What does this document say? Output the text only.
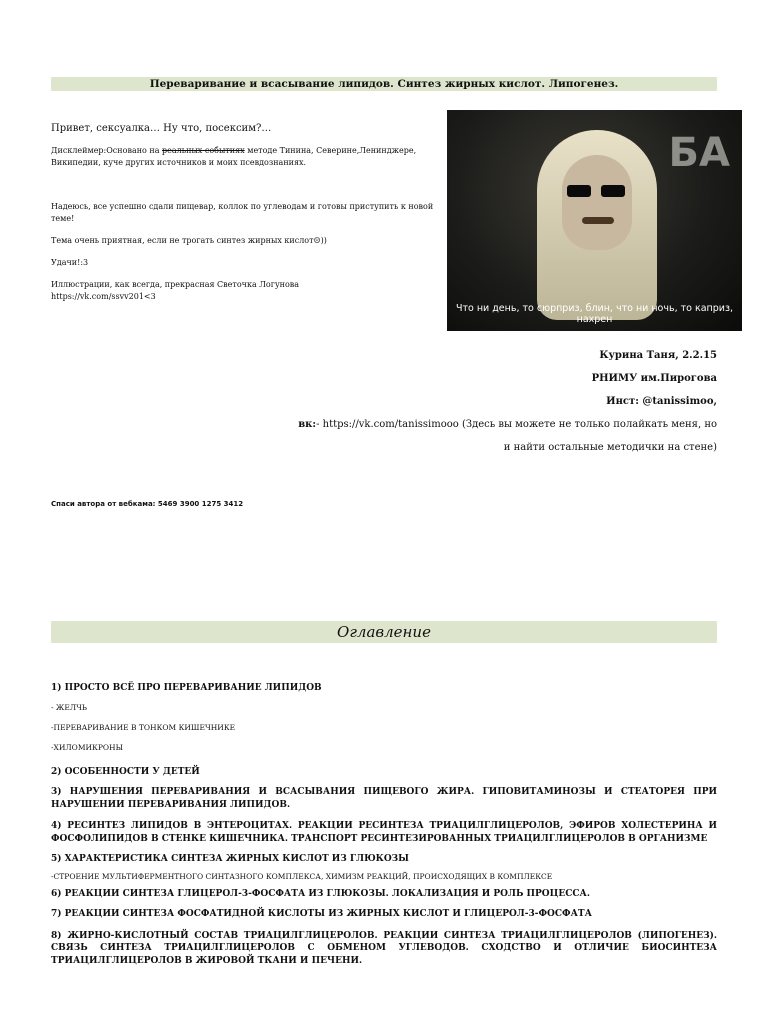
Переваривание и всасывание липидов. Синтез жирных кислот. Липогенез.

Привет, сексуалка… Ну что, посексим?…

Дисклеймер:Основано на реальных событиях методе Тинина, Северине,Ленинджере, Википедии, куче других источников и моих псевдознаниях.

Надеюсь, все успешно сдали пищевар, коллок по углеводам и готовы приступить к новой теме!

Тема очень приятная, если не трогать синтез жирных кислот☹))

Удачи!:3

Иллюстрации, как всегда, прекрасная Светочка Логунова
https://vk.com/ssvv201<3

БА
Что ни день, то сюрприз, блин, что ни ночь, то каприз, нахрен
Курина Таня, 2.2.15
РНИМУ им.Пирогова
Инст: @tanissimoo,
вк:- https://vk.com/tanissimooo (Здесь вы можете не только полайкать меня, но и найти остальные методички на стене)
Спаси автора от вебкама: 5469 3900 1275 3412
Оглавление
1) ПРОСТО ВСЁ ПРО ПЕРЕВАРИВАНИЕ ЛИПИДОВ
- ЖЕЛЧЬ
-ПЕРЕВАРИВАНИЕ В ТОНКОМ КИШЕЧНИКЕ
-ХИЛОМИКРОНЫ
2) ОСОБЕННОСТИ У ДЕТЕЙ
3) НАРУШЕНИЯ ПЕРЕВАРИВАНИЯ И ВСАСЫВАНИЯ ПИЩЕВОГО ЖИРА. ГИПОВИТАМИНОЗЫ И СТЕАТОРЕЯ ПРИ НАРУШЕНИИ ПЕРЕВАРИВАНИЯ ЛИПИДОВ.
4) РЕСИНТЕЗ ЛИПИДОВ В ЭНТЕРОЦИТАХ. РЕАКЦИИ РЕСИНТЕЗА ТРИАЦИЛГЛИЦЕРОЛОВ, ЭФИРОВ ХОЛЕСТЕРИНА И ФОСФОЛИПИДОВ В СТЕНКЕ КИШЕЧНИКА. ТРАНСПОРТ РЕСИНТЕЗИРОВАННЫХ ТРИАЦИЛГЛИЦЕРОЛОВ В ОРГАНИЗМЕ
5) ХАРАКТЕРИСТИКА СИНТЕЗА ЖИРНЫХ КИСЛОТ ИЗ ГЛЮКОЗЫ
-СТРОЕНИЕ МУЛЬТИФЕРМЕНТНОГО СИНТАЗНОГО КОМПЛЕКСА, ХИМИЗМ РЕАКЦИЙ, ПРОИСХОДЯЩИХ В КОМПЛЕКСЕ
6) РЕАКЦИИ СИНТЕЗА ГЛИЦЕРОЛ-3-ФОСФАТА ИЗ ГЛЮКОЗЫ. ЛОКАЛИЗАЦИЯ И РОЛЬ ПРОЦЕССА.
7) РЕАКЦИИ СИНТЕЗА ФОСФАТИДНОЙ КИСЛОТЫ ИЗ ЖИРНЫХ КИСЛОТ И ГЛИЦЕРОЛ-3-ФОСФАТА
8) ЖИРНО-КИСЛОТНЫЙ СОСТАВ ТРИАЦИЛГЛИЦЕРОЛОВ. РЕАКЦИИ СИНТЕЗА ТРИАЦИЛГЛИЦЕРОЛОВ (ЛИПОГЕНЕЗ). СВЯЗЬ СИНТЕЗА ТРИАЦИЛГЛИЦЕРОЛОВ С ОБМЕНОМ УГЛЕВОДОВ. СХОДСТВО И ОТЛИЧИЕ БИОСИНТЕЗА ТРИАЦИЛГЛИЦЕРОЛОВ В ЖИРОВОЙ ТКАНИ И ПЕЧЕНИ.
